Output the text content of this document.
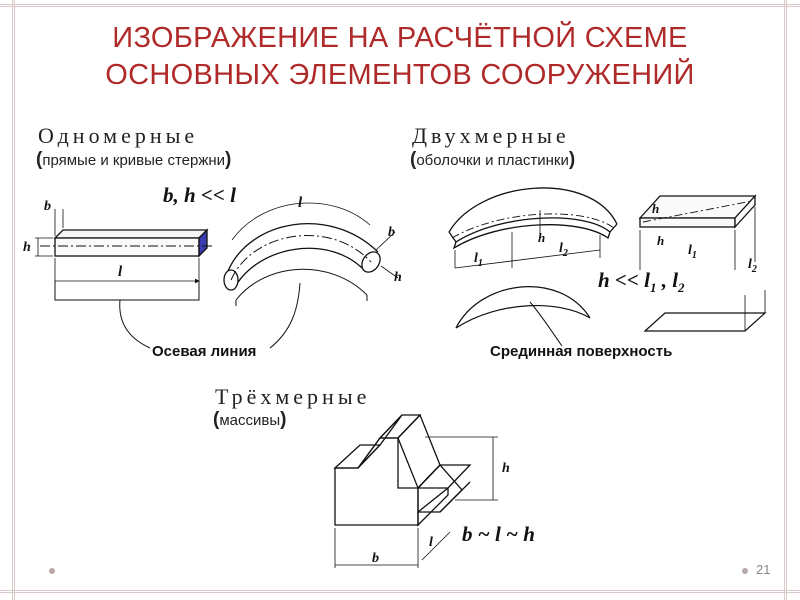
ИЗОБРАЖЕНИЕ НА РАСЧЁТНОЙ СХЕМЕ
ОСНОВНЫХ ЭЛЕМЕНТОВ СООРУЖЕНИЙ
Одномерные
(прямые и кривые стержни)
b, h << l
Осевая линия
Двухмерные
(оболочки и пластинки)
$h << l_1$ , $l_2$
Срединная поверхность
Трёхмерные
(массивы)
b ~ l ~ h
21
b
h
l
l
b
h
$l_1$
$l_2$
h
h
h
$l_1$
$l_2$
h
b
l
